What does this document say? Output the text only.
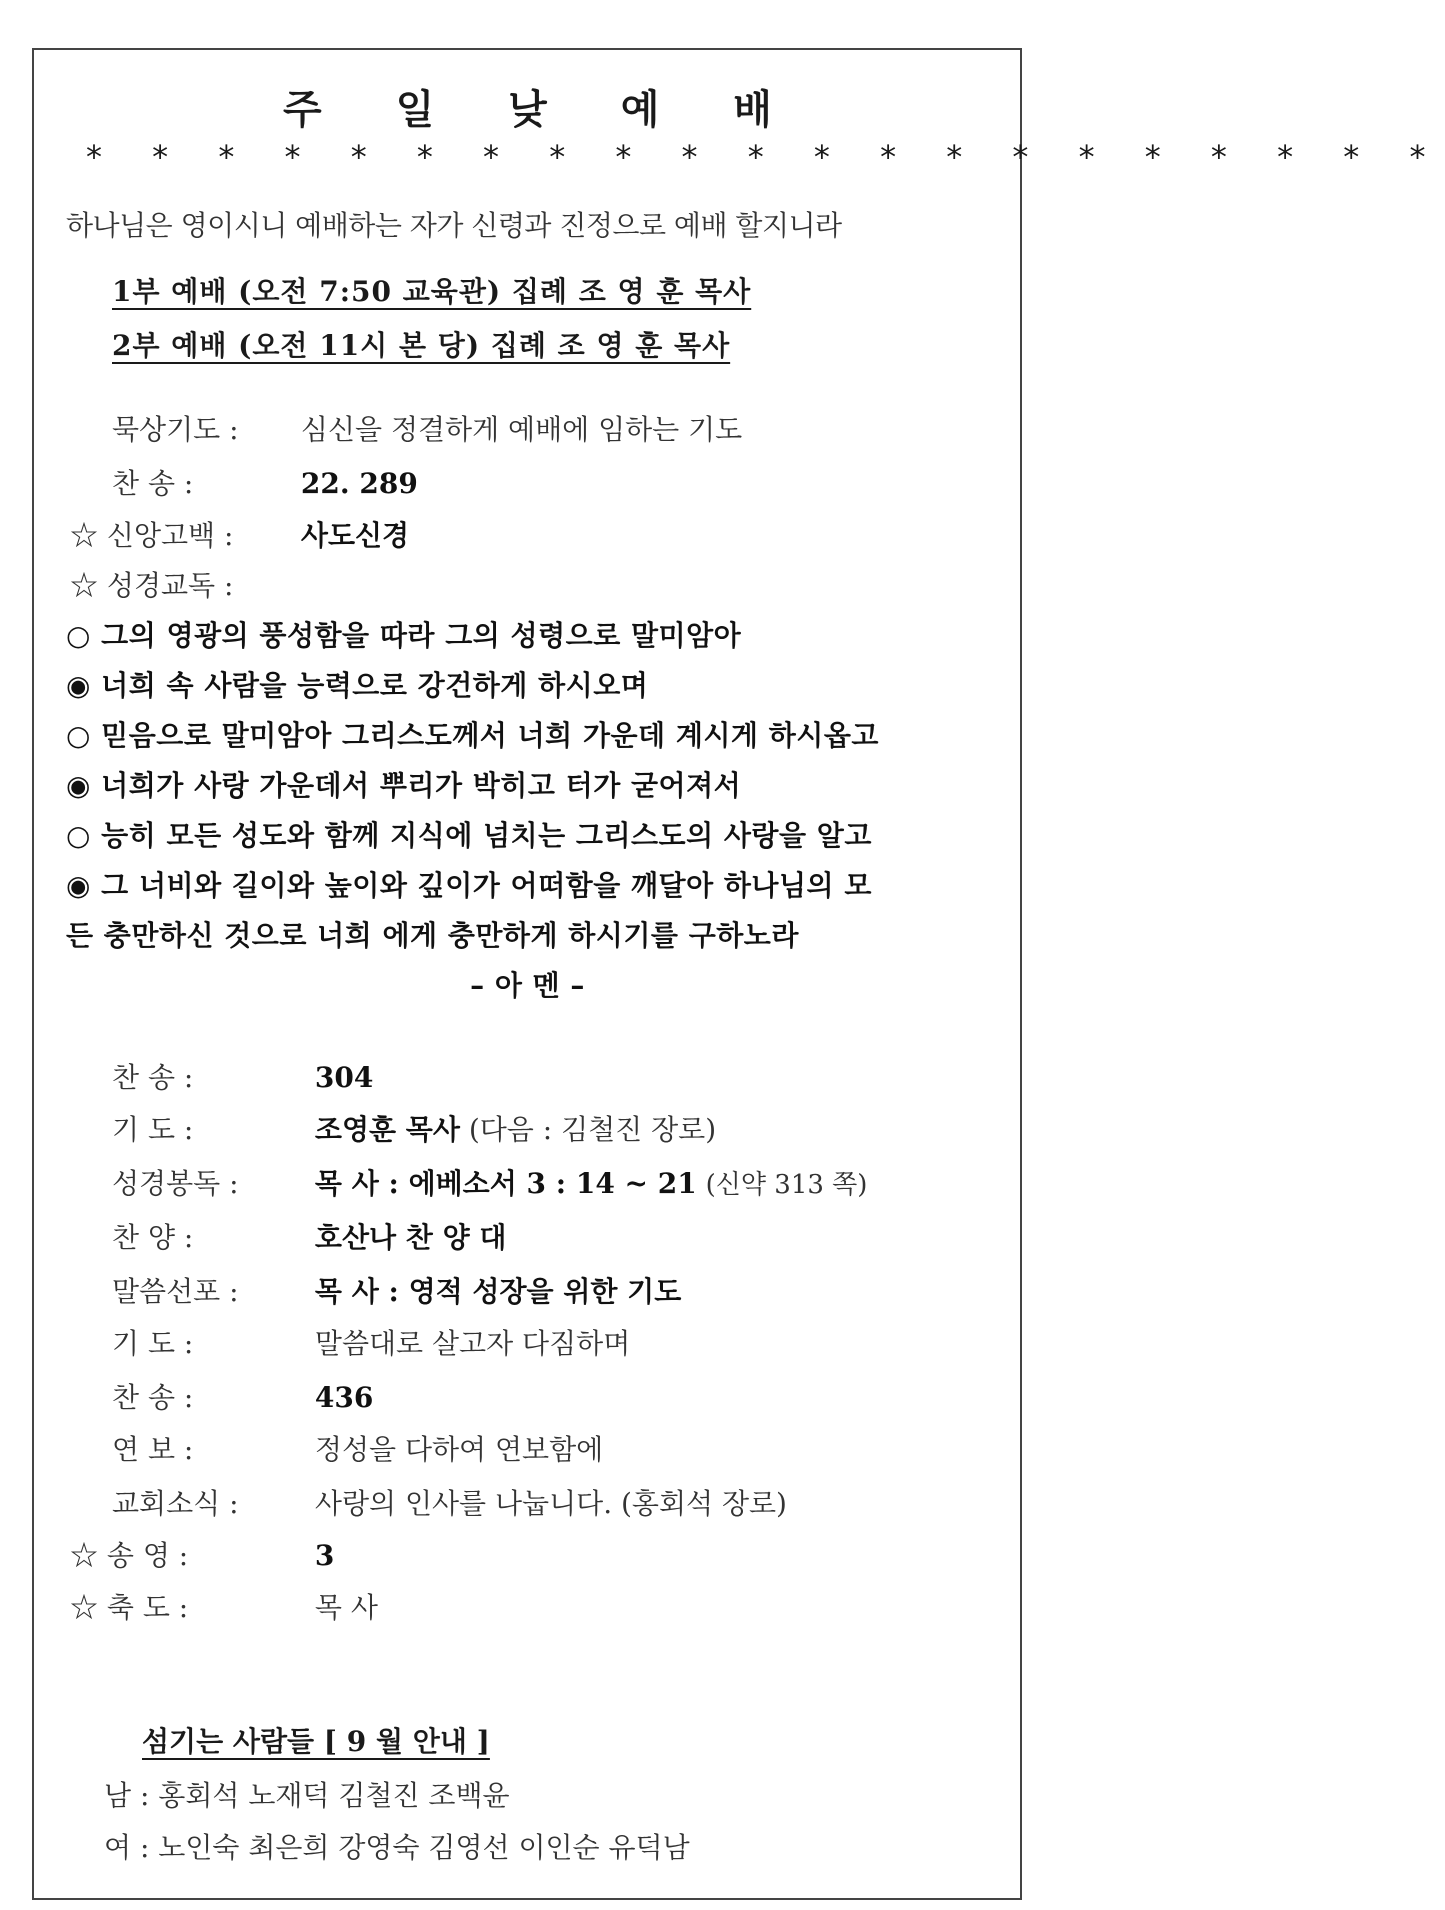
주 일 낮 예 배
* * * * * * * * * * * * * * * * * * * * *
하나님은 영이시니 예배하는 자가 신령과 진정으로 예배 할지니라
1부 예배 (오전 7:50 교육관) 집례 조 영 훈 목사
2부 예배 (오전 11시 본 당) 집례 조 영 훈 목사
묵상기도 : 심신을 정결하게 예배에 임하는 기도
찬 송 :	22. 289
☆ 신앙고백 : 사도신경
☆ 성경교독 :
○ 그의 영광의 풍성함을 따라 그의 성령으로 말미암아
◉ 너희 속 사람을 능력으로 강건하게 하시오며
○ 믿음으로 말미암아 그리스도께서 너희 가운데 계시게 하시옵고
◉ 너희가 사랑 가운데서 뿌리가 박히고 터가 굳어져서
○ 능히 모든 성도와 함께 지식에 넘치는 그리스도의 사랑을 알고
◉ 그 너비와 길이와 높이와 깊이가 어떠함을 깨달아 하나님의 모
든 충만하신 것으로 너희 에게 충만하게 하시기를 구하노라
– 아 멘 –
찬 송 :	304
기 도 :	조영훈 목사 (다음 : 김철진 장로)
성경봉독 :	목 사 : 에베소서 3 : 14 ~ 21 (신약 313 쪽)
찬 양 :	호산나 찬 양 대
말씀선포 :	목 사 : 영적 성장을 위한 기도
기 도 :	말씀대로 살고자 다짐하며
찬 송 :	436
연 보 :	정성을 다하여 연보함에
교회소식 :	사랑의 인사를 나눕니다. (홍회석 장로)
☆ 송 영 :	3
☆ 축 도 :	목 사
섬기는 사람들 [ 9 월 안내 ]
남 : 홍회석 노재덕 김철진 조백윤
여 : 노인숙 최은희 강영숙 김영선 이인순 유덕남
